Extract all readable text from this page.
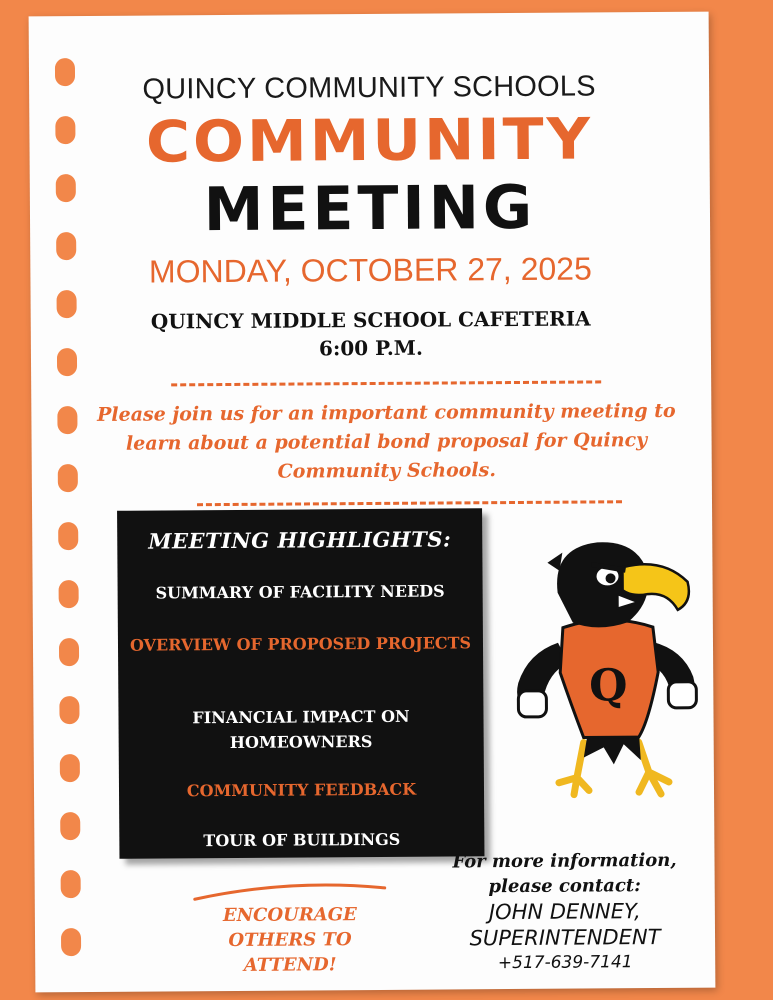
QUINCY COMMUNITY SCHOOLS
COMMUNITY
MEETING
MONDAY, OCTOBER 27, 2025
QUINCY MIDDLE SCHOOL CAFETERIA
6:00 P.M.
Please join us for an important community meeting to learn about a potential bond proposal for Quincy Community Schools.
MEETING HIGHLIGHTS:
SUMMARY OF FACILITY NEEDS
OVERVIEW OF PROPOSED PROJECTS
FINANCIAL IMPACT ON HOMEOWNERS
COMMUNITY FEEDBACK
TOUR OF BUILDINGS
Q
ENCOURAGE
OTHERS TO
ATTEND!
For more information,
please contact:
JOHN DENNEY,
SUPERINTENDENT
+517-639-7141
